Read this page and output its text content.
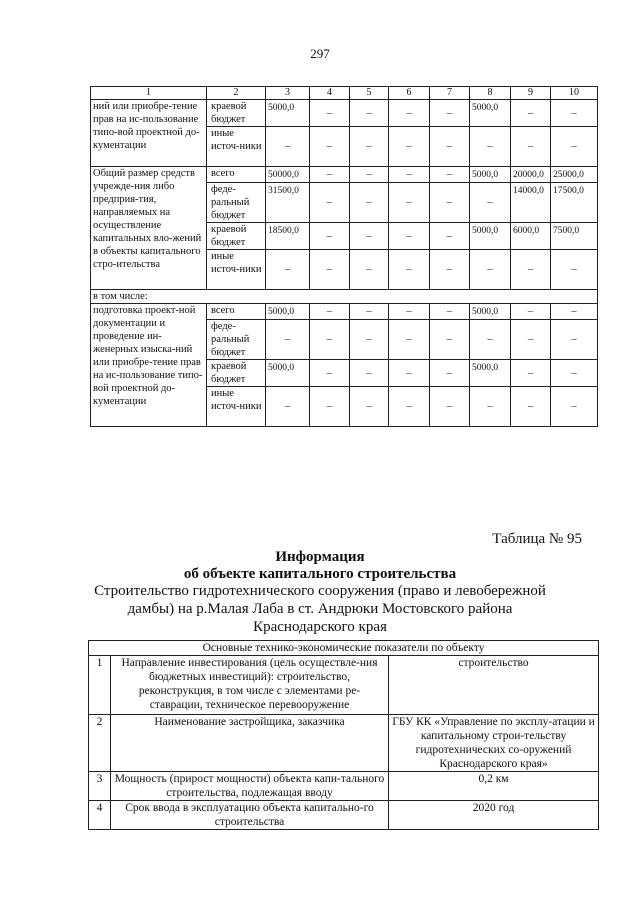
297
1	2	3	4	5	6	7	8	9	10
ний или приобре-тение прав на ис-пользование типо-вой проектной до-кументации	краевой бюджет	5000,0	–	–	–	–	5000,0	–	–
	иные источ-ники	–	–	–	–	–	–	–	–
Общий размер средств учрежде-ния либо предприя-тия, направляемых на осуществление капитальных вло-жений в объекты капитального стро-ительства	всего	50000,0	–	–	–	–	5000,0	20000,0	25000,0
	феде-ральный бюджет	31500,0	–	–	–	–	–	14000,0	17500,0
	краевой бюджет	18500,0	–	–	–	–	5000,0	6000,0	7500,0
	иные источ-ники	–	–	–	–	–	–	–	–
в том числе:									
подготовка проект-ной документации и проведение ин-женерных изыска-ний или приобре-тение прав на ис-пользование типо-вой проектной до-кументации	всего	5000,0	–	–	–	–	5000,0	–	–
	феде-ральный бюджет	–	–	–	–	–	–	–	–
	краевой бюджет	5000,0	–	–	–	–	5000,0	–	–
	иные источ-ники	–	–	–	–	–	–	–	–
Таблица № 95
Информация
об объекте капитального строительства
Строительство гидротехнического сооружения (право и левобережной
дамбы) на р.Малая Лаба в ст. Андрюки Мостовского района
Краснодарского края
Основные технико-экономические показатели по объекту		
1	Направление инвестирования (цель осуществле-ния бюджетных инвестиций): строительство, реконструкция, в том числе с элементами ре-ставрации, техническое перевооружение	строительство
2	Наименование застройщика, заказчика	ГБУ КК «Управление по эксплу-атации и капитальному строи-тельству гидротехнических со-оружений Краснодарского края»
3	Мощность (прирост мощности) объекта капи-тального строительства, подлежащая вводу	0,2 км
4	Срок ввода в эксплуатацию объекта капитально-го строительства	2020 год
